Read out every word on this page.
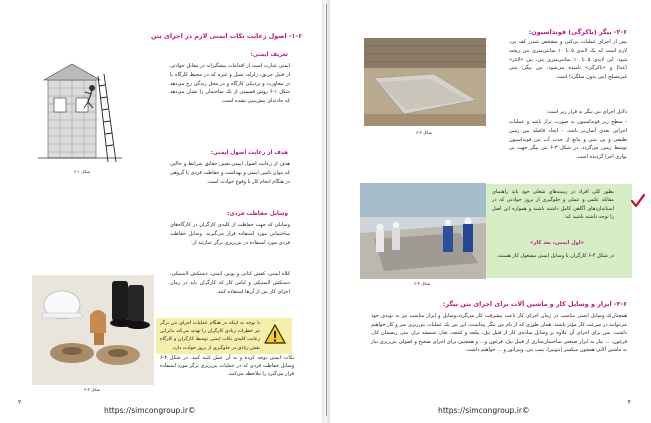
۱-۶- اصول رعایت نکات ایمنی لازم در اجرای بتن
شکل ۱-۶
تعریف ایمنی:
ایمنی عبارت است از اقدامات پیشگیرانه در مقابل حوادثی از قبیل حریق، زلزله، سیل و غیره که در محیط کارگاه یا در مجاورت و نزدیکی کارگاه و در محل زندگی رخ می‌دهد شکل ۱-۶ روش قسمتی از یک ساختمان را نشان می‌دهد که حادثه‌ای پیش‌بینی نشده است.
هدف از رعایت اصول ایمنی:
هدف از رعایت اصول ایمنی،تعیین حقایق شرایط و حالتی که بتوان تامین ایمنی و بهداشت و حفاظت فردی یا گروهی در هنگام انجام کار با وقوع حوادث است.
وسایل حفاظت فردی:
وسایلی که جهت حفاظت از کلیه‌ی کارگران در کارگاه‌های ساختمانی مورد استفاده قرار می‌گیرند. وسایل حفاظت فردی مورد استفاده در بتن‌ریزی برگر عبارتند از:
کلاه ایمنی، کفش کتانی و پوتین ایمنی، دستکش لاستیکی، دستکش لاستیکی و لباس کار که کارگران باید در زمان اجرای کار بتن از آن‌ها استفاده کنند.
شکل ۲-۶
با توجه به اینکه در هنگام عملیات اجرای بتن برگر تیر خطرات زیادی کارگران را تهدید می‌کند بنابراین رعایت کلیه‌ی نکات ایمنی توسط کارگران و کارگاه نقش زیادی در جلوگیری از بروز حوادث دارد.
نکات ایمنی توجه کرده و به آن عمل کنید کنید. در شکل ۲-۶ وسایل حفاظت فردی که در عملیات بتن‌ریزی برگر مورد استفاده قرار می‌گیرد را ملاحظه می‌کنید.
۳
https://simcongroup.ir©
۲-۶- بیگر (باکرگی) فونداسیون:
شکل ۳-۶
پس از اجرای عملیات پی‌کنی و مشخص شدن کف پی، لازم است که یک لایه‌ی ۵ تا ۱۰ سانتی‌متری بتن ریخته شود. این لایه‌ی ۵ تا ۱۰ سانتی‌متری بتن، بتن «لاغر» (غذا) و «باکرگی» نامیده می‌شود. بتن بیگر، بتنی غیرمسلح (بتن بدون میلگرد) است.
دلایل اجرای بتن بیگر به قرار زیر است:
- سطح زیر فونداسیون به صورت تراز باشد و عملیات اجرایی بعدی آسان‌تر باشد. - ایجاد فاصله بین زمین طبیعی و پی بتنی و مانع از جذب آب بتن فونداسیون توسط زمین می‌گردد. در شکل ۳-۶ بتن بیگر جهت پی نواری اجرا گردیده است.
شکل ۴-۶
بطور کلی افراد در زمینه‌های شغلی خود باید راهنمای مقابله علمی و عملی و جلوگیری از بروز حوادثی که در استانداردهای آگاهی کامل داشته باشند و همواره این اصل را توجه داشته باشید که:
«اول ایمنی، بعد کار»
در شکل ۴-۶ کارگران با وسایل ایمنی مشغول کار هستند.
۳-۶- ابزار و وسایل کار و ماشین آلات برای اجرای بتن بیگر:
همچنان‌که وسایل ایمنی مناسب در زمان اجرای کار باعث پیشرفت کار می‌گردد،وسایل و ابزار مناسب نیز به نوبه‌ی خود می‌توانند در سرعت کار مؤثر باشند. همان طوری که از نام بتن بیگر پیداست، این بتن یک عملیات بتن‌ریزی سر و کار خواهیم داشت. پس برای اجرای آن علاوه بر وسایل ساده‌ی کار از قبیل بیل، بیلچه و کمچه، تغار، شمشه تراز، متر، ریسمان کار، فرغون، ... نیاز به ابزار صنعتی ساختمان‌سازی از قبیل بیل، فرغون و... و همچنین برای اجرای صحیح و اصولی بتن‌ریزی نیاز به ماشین آلاتی همچون میکسر (بتونیر)، پمپ بتن، ویبراتور و ... خواهیم داشت.
۴
https://simcongroup.ir©
